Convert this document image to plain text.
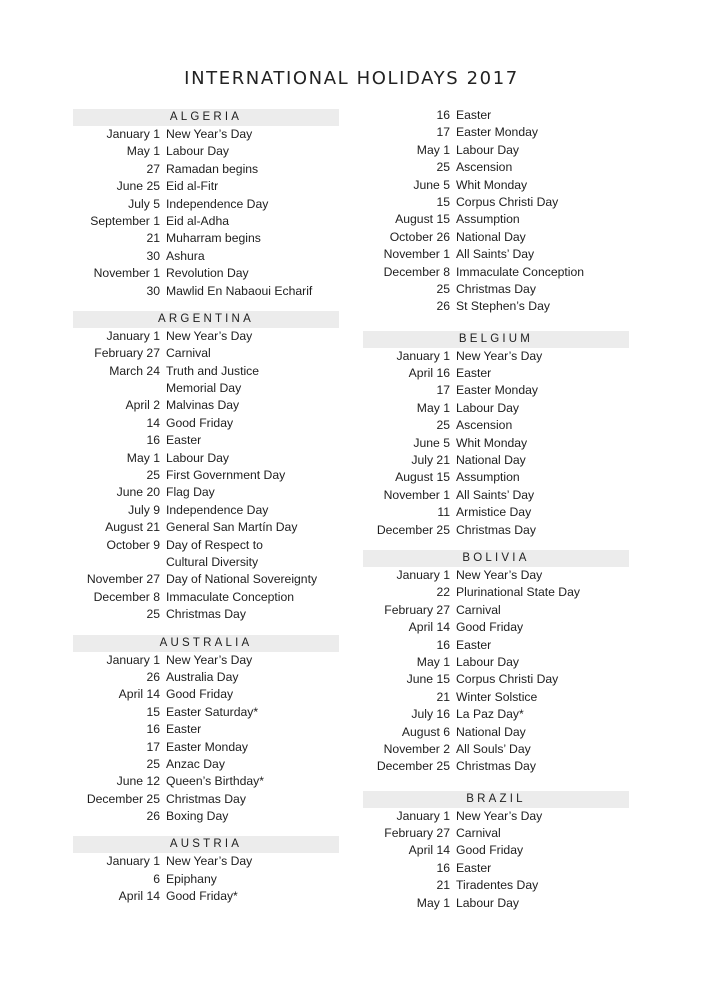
INTERNATIONAL HOLIDAYS 2017
ALGERIA
January 1 New Year’s Day
May 1 Labour Day
27 Ramadan begins
June 25 Eid al-Fitr
July 5 Independence Day
September 1 Eid al-Adha
21 Muharram begins
30 Ashura
November 1 Revolution Day
30 Mawlid En Nabaoui Echarif
ARGENTINA
January 1 New Year’s Day
February 27 Carnival
March 24 Truth and Justice
Memorial Day
April 2 Malvinas Day
14 Good Friday
16 Easter
May 1 Labour Day
25 First Government Day
June 20 Flag Day
July 9 Independence Day
August 21 General San Martín Day
October 9 Day of Respect to
Cultural Diversity
November 27 Day of National Sovereignty
December 8 Immaculate Conception
25 Christmas Day
AUSTRALIA
January 1 New Year’s Day
26 Australia Day
April 14 Good Friday
15 Easter Saturday*
16 Easter
17 Easter Monday
25 Anzac Day
June 12 Queen’s Birthday*
December 25 Christmas Day
26 Boxing Day
AUSTRIA
January 1 New Year’s Day
6 Epiphany
April 14 Good Friday*
16 Easter
17 Easter Monday
May 1 Labour Day
25 Ascension
June 5 Whit Monday
15 Corpus Christi Day
August 15 Assumption
October 26 National Day
November 1 All Saints’ Day
December 8 Immaculate Conception
25 Christmas Day
26 St Stephen’s Day
BELGIUM
January 1 New Year’s Day
April 16 Easter
17 Easter Monday
May 1 Labour Day
25 Ascension
June 5 Whit Monday
July 21 National Day
August 15 Assumption
November 1 All Saints’ Day
11 Armistice Day
December 25 Christmas Day
BOLIVIA
January 1 New Year’s Day
22 Plurinational State Day
February 27 Carnival
April 14 Good Friday
16 Easter
May 1 Labour Day
June 15 Corpus Christi Day
21 Winter Solstice
July 16 La Paz Day*
August 6 National Day
November 2 All Souls’ Day
December 25 Christmas Day
BRAZIL
January 1 New Year’s Day
February 27 Carnival
April 14 Good Friday
16 Easter
21 Tiradentes Day
May 1 Labour Day
